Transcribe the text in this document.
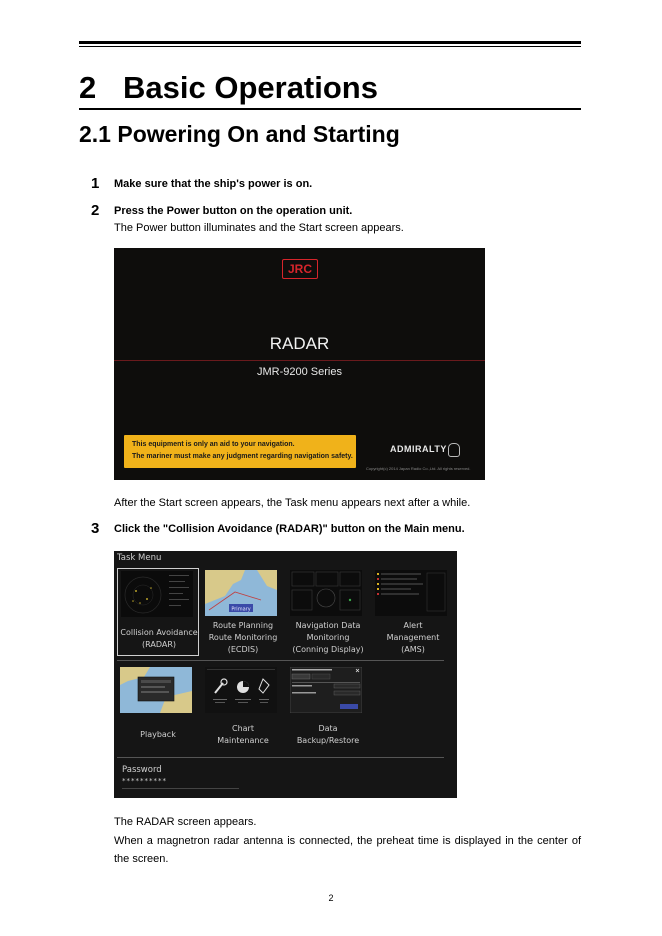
2 Basic Operations
2.1 Powering On and Starting
1 Make sure that the ship's power is on.
2 Press the Power button on the operation unit.
The Power button illuminates and the Start screen appears.
JRC
RADAR
JMR-9200 Series
This equipment is only an aid to your navigation.
The mariner must make any judgment regarding navigation safety.
ADMIRALTY
Copyright(c) 2014 Japan Radio Co.,Ltd. All rights reserved.
After the Start screen appears, the Task menu appears next after a while.
3 Click the "Collision Avoidance (RADAR)" button on the Main menu.
Task Menu
Collision Avoidance
(RADAR)
Primary
Route Planning
Route Monitoring
(ECDIS)
Navigation Data
Monitoring
(Conning Display)
Alert
Management
(AMS)
Playback
Chart
Maintenance
Data
Backup/Restore
Password
**********
The RADAR screen appears.
When a magnetron radar antenna is connected, the preheat time is displayed in the center of the screen.
2
